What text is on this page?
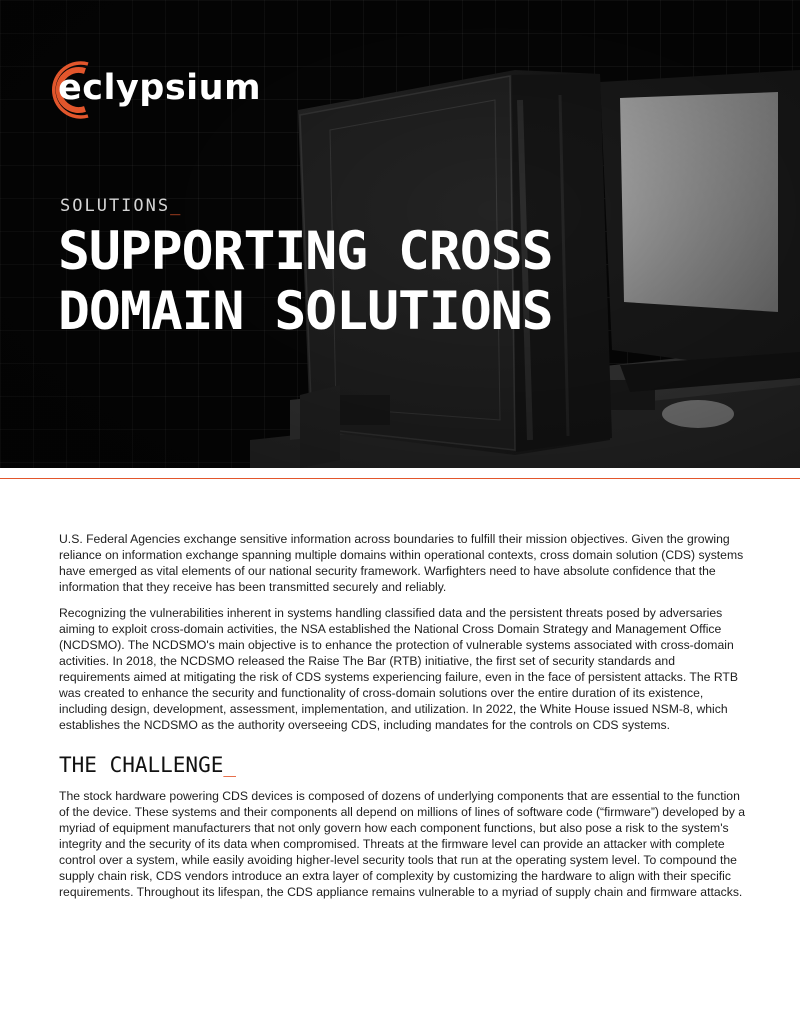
eclypsium
SOLUTIONS_
SUPPORTING CROSS
DOMAIN SOLUTIONS

U.S. Federal Agencies exchange sensitive information across boundaries to fulfill their mission objectives. Given the growing reliance on information exchange spanning multiple domains within operational contexts, cross domain solution (CDS) systems have emerged as vital elements of our national security framework. Warfighters need to have absolute confidence that the information that they receive has been transmitted securely and reliably.

Recognizing the vulnerabilities inherent in systems handling classified data and the persistent threats posed by adversaries aiming to exploit cross-domain activities, the NSA established the National Cross Domain Strategy and Management Office (NCDSMO). The NCDSMO's main objective is to enhance the protection of vulnerable systems associated with cross-domain activities. In 2018, the NCDSMO released the Raise The Bar (RTB) initiative, the first set of security standards and requirements aimed at mitigating the risk of CDS systems experiencing failure, even in the face of persistent attacks. The RTB was created to enhance the security and functionality of cross-domain solutions over the entire duration of its existence, including design, development, assessment, implementation, and utilization. In 2022, the White House issued NSM-8, which establishes the NCDSMO as the authority overseeing CDS, including mandates for the controls on CDS systems.

THE CHALLENGE_

The stock hardware powering CDS devices is composed of dozens of underlying components that are essential to the function of the device. These systems and their components all depend on millions of lines of software code (“firmware”) developed by a myriad of equipment manufacturers that not only govern how each component functions, but also pose a risk to the system's integrity and the security of its data when compromised. Threats at the firmware level can provide an attacker with complete control over a system, while easily avoiding higher-level security tools that run at the operating system level. To compound the supply chain risk, CDS vendors introduce an extra layer of complexity by customizing the hardware to align with their specific requirements. Throughout its lifespan, the CDS appliance remains vulnerable to a myriad of supply chain and firmware attacks.
